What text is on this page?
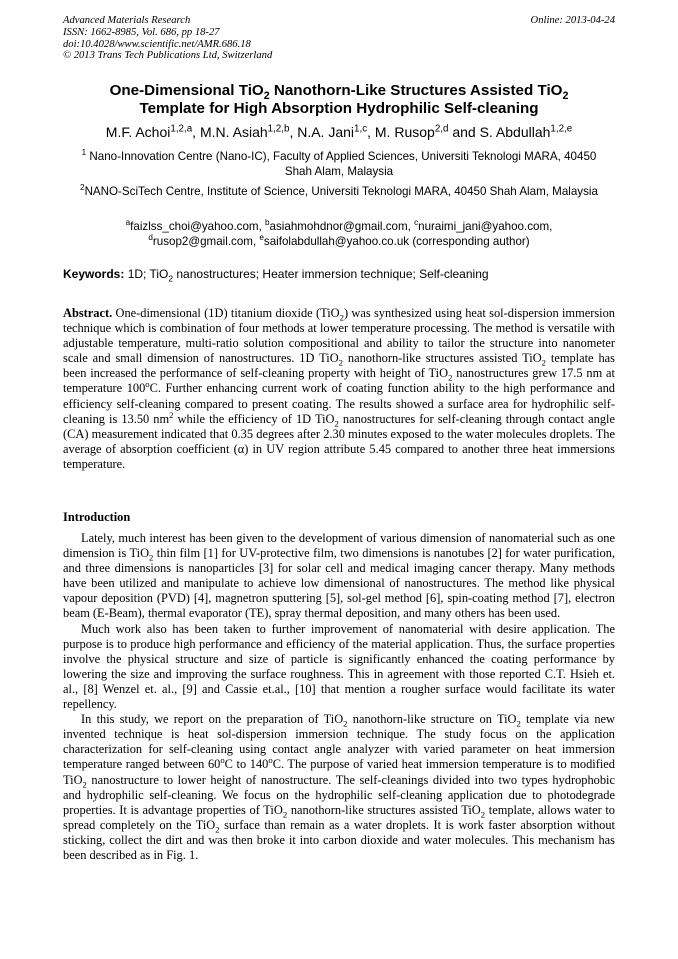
Advanced Materials Research
ISSN: 1662-8985, Vol. 686, pp 18-27
doi:10.4028/www.scientific.net/AMR.686.18
© 2013 Trans Tech Publications Ltd, Switzerland
Online: 2013-04-24
One-Dimensional TiO$_2$ Nanothorn-Like Structures Assisted TiO$_2$
Template for High Absorption Hydrophilic Self-cleaning
M.F. Achoi$^{1,2,a}$, M.N. Asiah$^{1,2,b}$, N.A. Jani$^{1,c}$, M. Rusop$^{2,d}$ and S. Abdullah$^{1,2,e}$
$^1$ Nano-Innovation Centre (Nano-IC), Faculty of Applied Sciences, Universiti Teknologi MARA, 40450 Shah Alam, Malaysia
$^2$NANO-SciTech Centre, Institute of Science, Universiti Teknologi MARA, 40450 Shah Alam, Malaysia
$^a$faizlss_choi@yahoo.com, $^b$asiahmohdnor@gmail.com, $^c$nuraimi_jani@yahoo.com,
$^d$rusop2@gmail.com, $^e$saifolabdullah@yahoo.co.uk (corresponding author)
Keywords: 1D; TiO$_2$ nanostructures; Heater immersion technique; Self-cleaning
Abstract. One-dimensional (1D) titanium dioxide (TiO$_2$) was synthesized using heat sol-dispersion immersion technique which is combination of four methods at lower temperature processing. The method is versatile with adjustable temperature, multi-ratio solution compositional and ability to tailor the structure into nanometer scale and small dimension of nanostructures. 1D TiO$_2$ nanothorn-like structures assisted TiO$_2$ template has been increased the performance of self-cleaning property with height of TiO$_2$ nanostructures grew 17.5 nm at temperature 100$^o$C. Further enhancing current work of coating function ability to the high performance and efficiency self-cleaning compared to present coating. The results showed a surface area for hydrophilic self-cleaning is 13.50 $nm^2$ while the efficiency of 1D TiO$_2$ nanostructures for self-cleaning through contact angle (CA) measurement indicated that 0.35 degrees after 2.30 minutes exposed to the water molecules droplets. The average of absorption coefficient (α) in UV region attribute 5.45 compared to another three heat immersions temperature.
Introduction

Lately, much interest has been given to the development of various dimension of nanomaterial such as one dimension is TiO$_2$ thin film [1] for UV-protective film, two dimensions is nanotubes [2] for water purification, and three dimensions is nanoparticles [3] for solar cell and medical imaging cancer therapy. Many methods have been utilized and manipulate to achieve low dimensional of nanostructures. The method like physical vapour deposition (PVD) [4], magnetron sputtering [5], sol-gel method [6], spin-coating method [7], electron beam (E-Beam), thermal evaporator (TE), spray thermal deposition, and many others has been used.

Much work also has been taken to further improvement of nanomaterial with desire application. The purpose is to produce high performance and efficiency of the material application. Thus, the surface properties involve the physical structure and size of particle is significantly enhanced the coating performance by lowering the size and improving the surface roughness. This in agreement with those reported C.T. Hsieh et. al., [8] Wenzel et. al., [9] and Cassie et.al., [10] that mention a rougher surface would facilitate its water repellency.

In this study, we report on the preparation of TiO$_2$ nanothorn-like structure on TiO$_2$ template via new invented technique is heat sol-dispersion immersion technique. The study focus on the application characterization for self-cleaning using contact angle analyzer with varied parameter on heat immersion temperature ranged between 60$^o$C to 140$^o$C. The purpose of varied heat immersion temperature is to modified TiO$_2$ nanostructure to lower height of nanostructure. The self-cleanings divided into two types hydrophobic and hydrophilic self-cleaning. We focus on the hydrophilic self-cleaning application due to photodegrade properties. It is advantage properties of TiO$_2$ nanothorn-like structures assisted TiO$_2$ template, allows water to spread completely on the TiO$_2$ surface than remain as a water droplets. It is work faster absorption without sticking, collect the dirt and was then broke it into carbon dioxide and water molecules. This mechanism has been described as in Fig. 1.
